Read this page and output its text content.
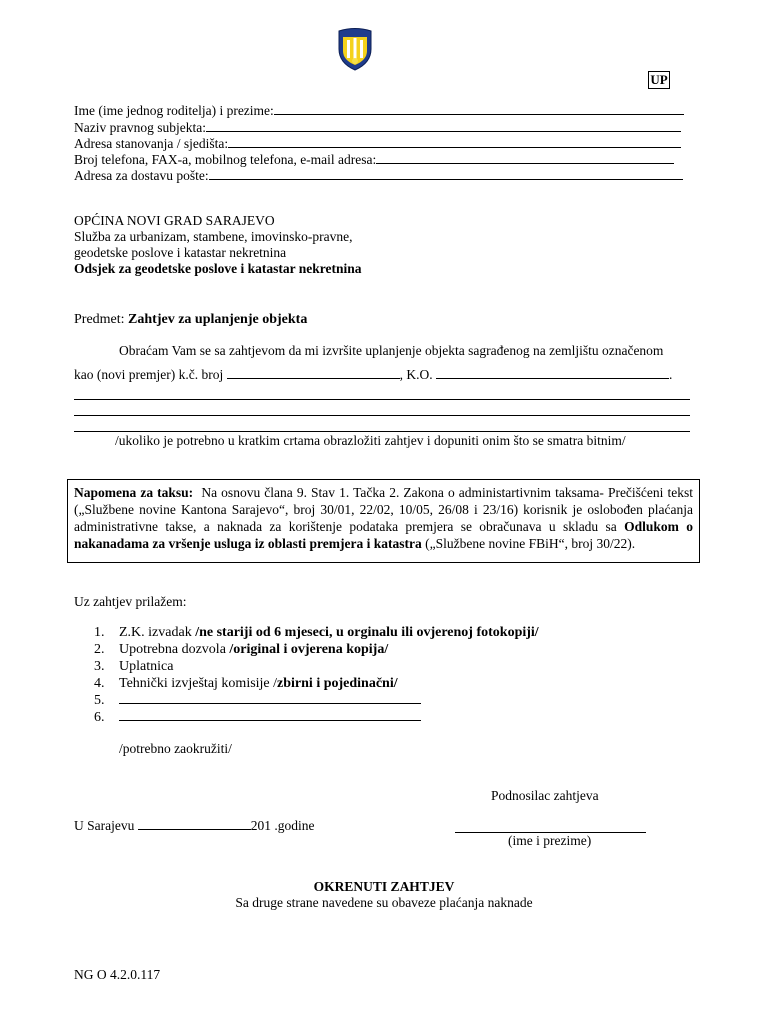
UP
Ime (ime jednog roditelja) i prezime:
Naziv pravnog subjekta:
Adresa stanovanja / sjedišta:
Broj telefona, FAX-a, mobilnog telefona, e-mail adresa:
Adresa za dostavu pošte:
OPĆINA NOVI GRAD SARAJEVO
Služba za urbanizam, stambene, imovinsko-pravne,
geodetske poslove i katastar nekretnina
Odsjek za geodetske poslove i katastar nekretnina
Predmet: Zahtjev za uplanjenje objekta
Obraćam Vam se sa zahtjevom da mi izvršite uplanjenje objekta sagrađenog na zemljištu označenom
kao (novi premjer) k.č. broj	, K.O.	.
/ukoliko je potrebno u kratkim crtama obrazložiti zahtjev i dopuniti onim što se smatra bitnim/
Napomena za taksu: Na osnovu člana 9. Stav 1. Tačka 2. Zakona o administartivnim taksama- Prečišćeni tekst („Službene novine Kantona Sarajevo“, broj 30/01, 22/02, 10/05, 26/08 i 23/16) korisnik je oslobođen plaćanja administrativne takse, a naknada za korištenje podataka premjera se obračunava u skladu sa Odlukom o nakanadama za vršenje usluga iz oblasti premjera i katastra („Službene novine FBiH“, broj 30/22).
Uz zahtjev prilažem:
1. Z.K. izvadak /ne stariji od 6 mjeseci, u orginalu ili ovjerenoj fotokopiji/
2. Upotrebna dozvola /original i ovjerena kopija/
3. Uplatnica
4. Tehnički izvještaj komisije /zbirni i pojedinačni/
5.
6.
/potrebno zaokružiti/
Podnosilac zahtjeva
U Sarajevu	201 .godine
(ime i prezime)
OKRENUTI ZAHTJEV
Sa druge strane navedene su obaveze plaćanja naknade
NG O 4.2.0.117
